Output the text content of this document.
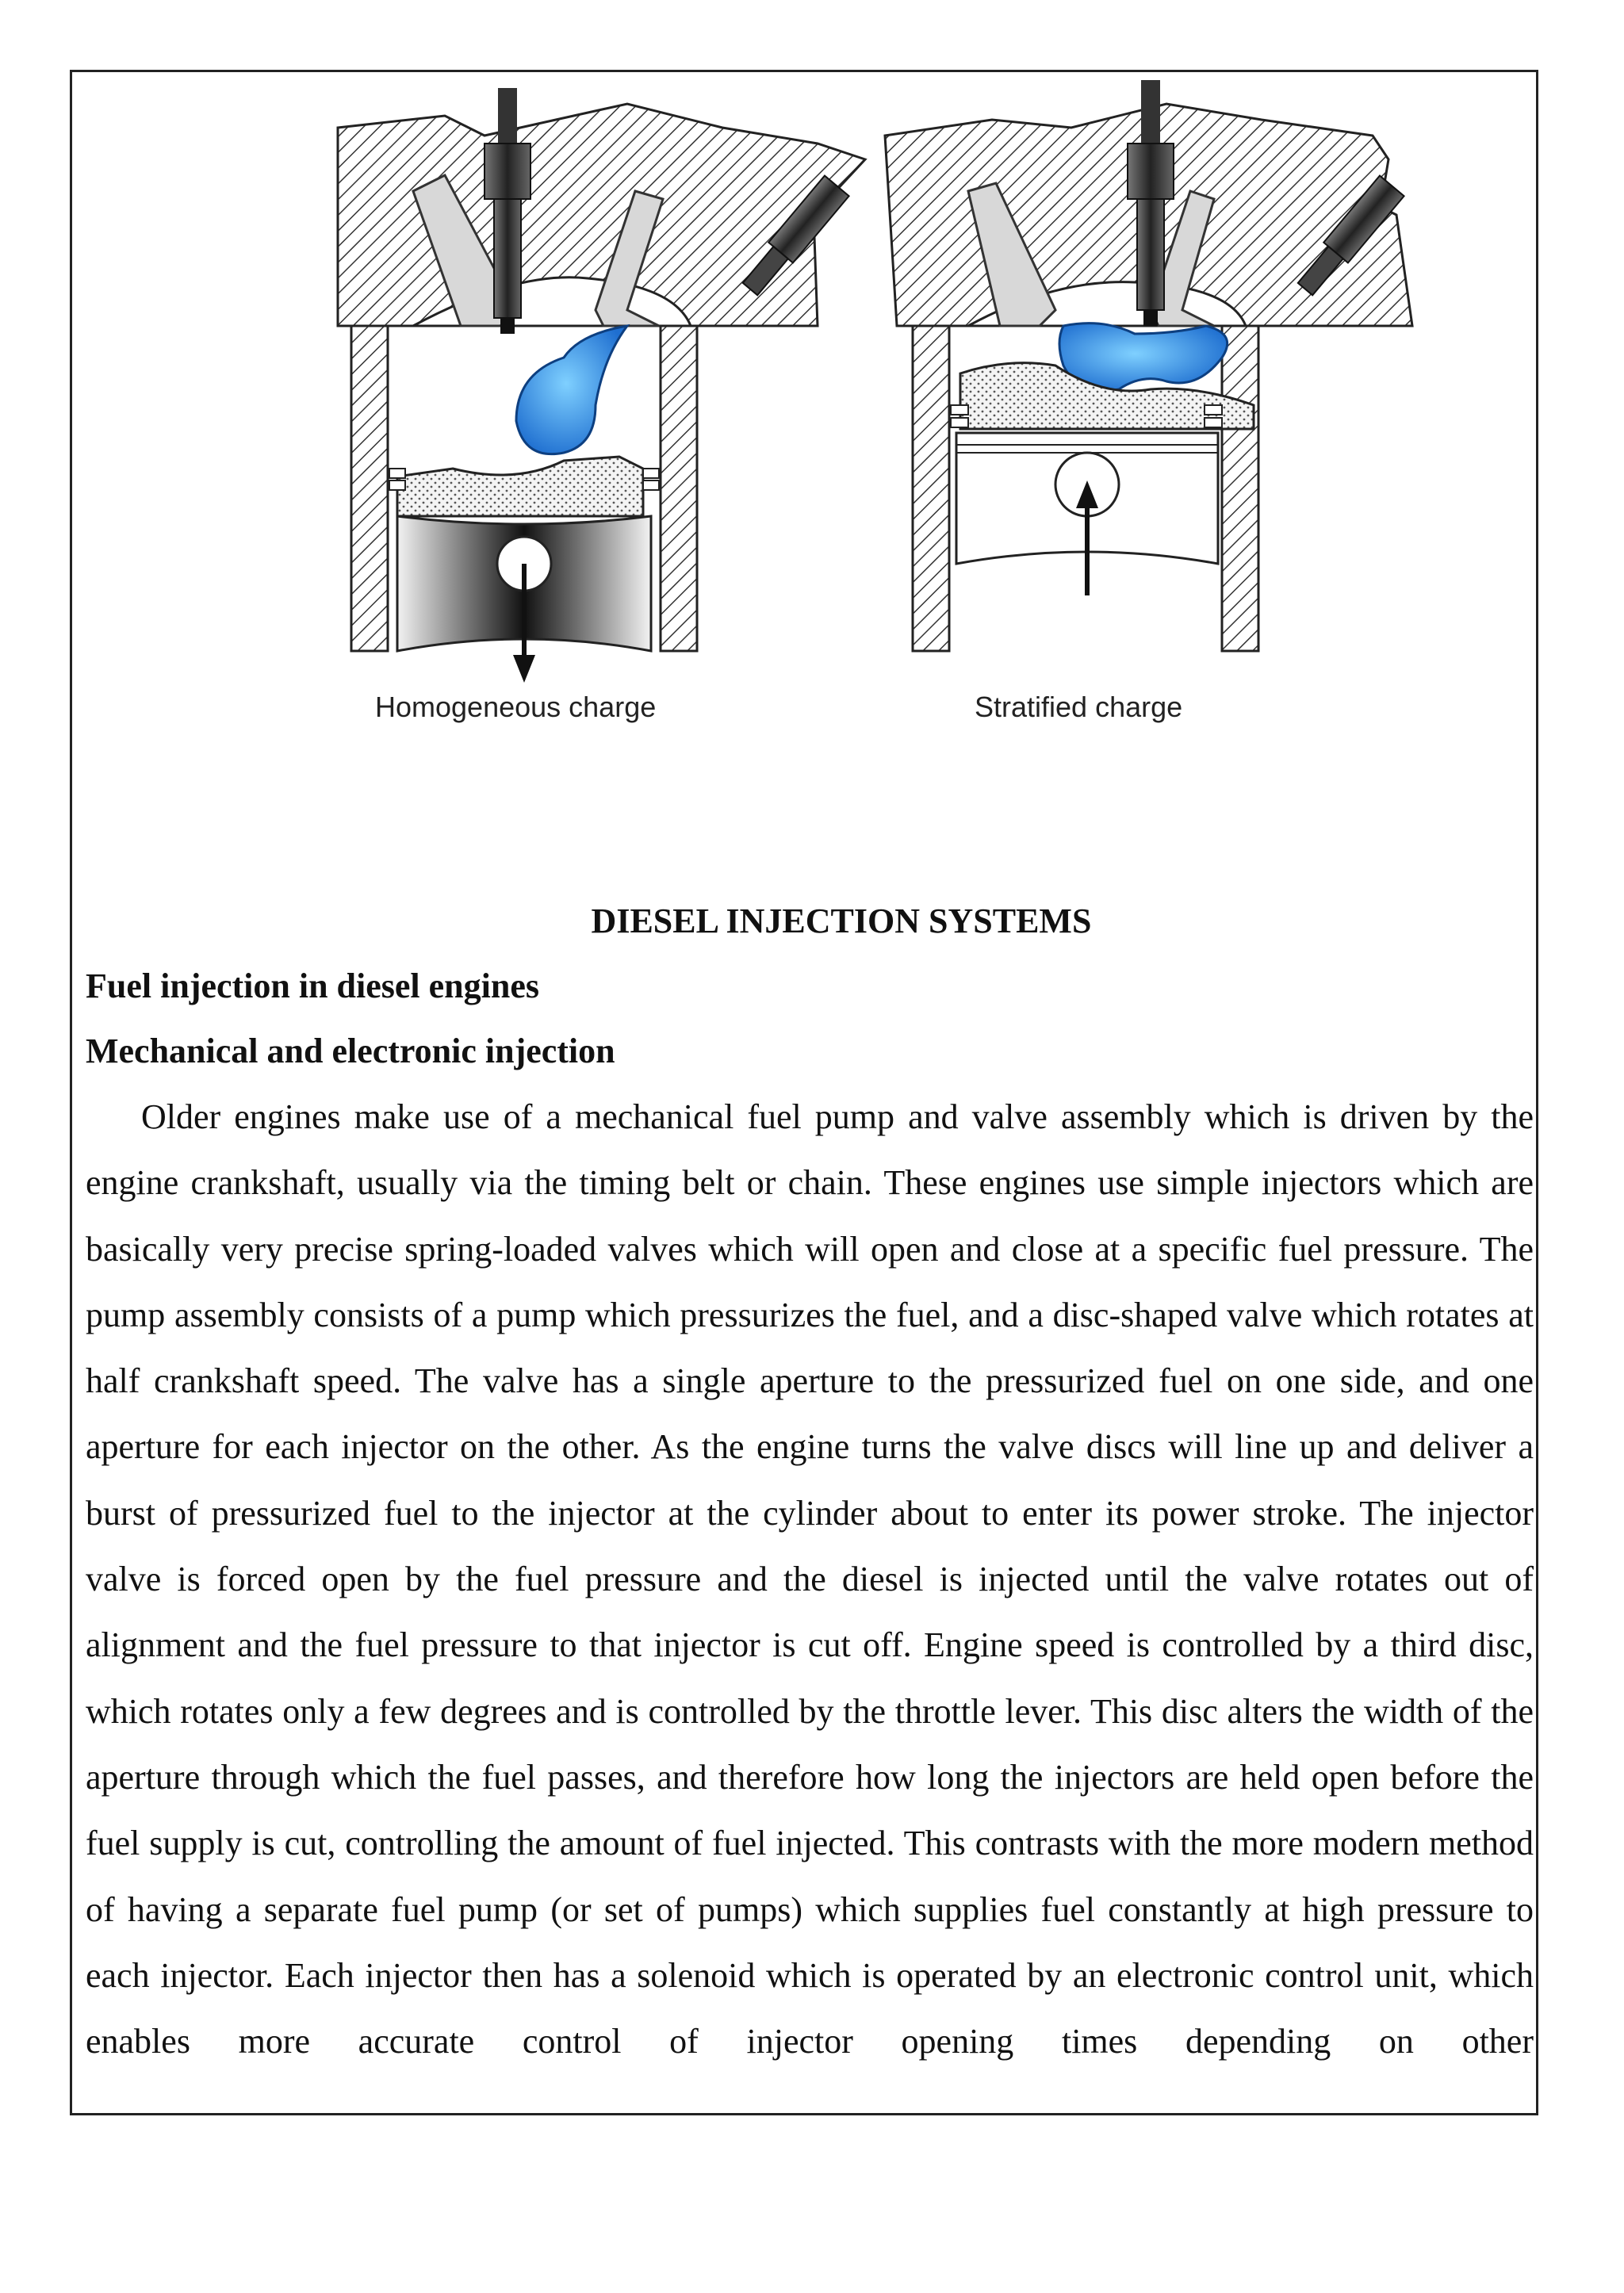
Homogeneous charge	Stratified charge
DIESEL INJECTION SYSTEMS
Fuel injection in diesel engines
Mechanical and electronic injection

Older engines make use of a mechanical fuel pump and valve assembly which is driven by the engine crankshaft, usually via the timing belt or chain. These engines use simple injectors which are basically very precise spring-loaded valves which will open and close at a specific fuel pressure. The pump assembly consists of a pump which pressurizes the fuel, and a disc-shaped valve which rotates at half crankshaft speed. The valve has a single aperture to the pressurized fuel on one side, and one aperture for each injector on the other. As the engine turns the valve discs will line up and deliver a burst of pressurized fuel to the injector at the cylinder about to enter its power stroke. The injector valve is forced open by the fuel pressure and the diesel is injected until the valve rotates out of alignment and the fuel pressure to that injector is cut off. Engine speed is controlled by a third disc, which rotates only a few degrees and is controlled by the throttle lever. This disc alters the width of the aperture through which the fuel passes, and therefore how long the injectors are held open before the fuel supply is cut, controlling the amount of fuel injected. This contrasts with the more modern method of having a separate fuel pump (or set of pumps) which supplies fuel constantly at high pressure to each injector. Each injector then has a solenoid which is operated by an electronic control unit, which enables more accurate control of injector opening times depending on other
